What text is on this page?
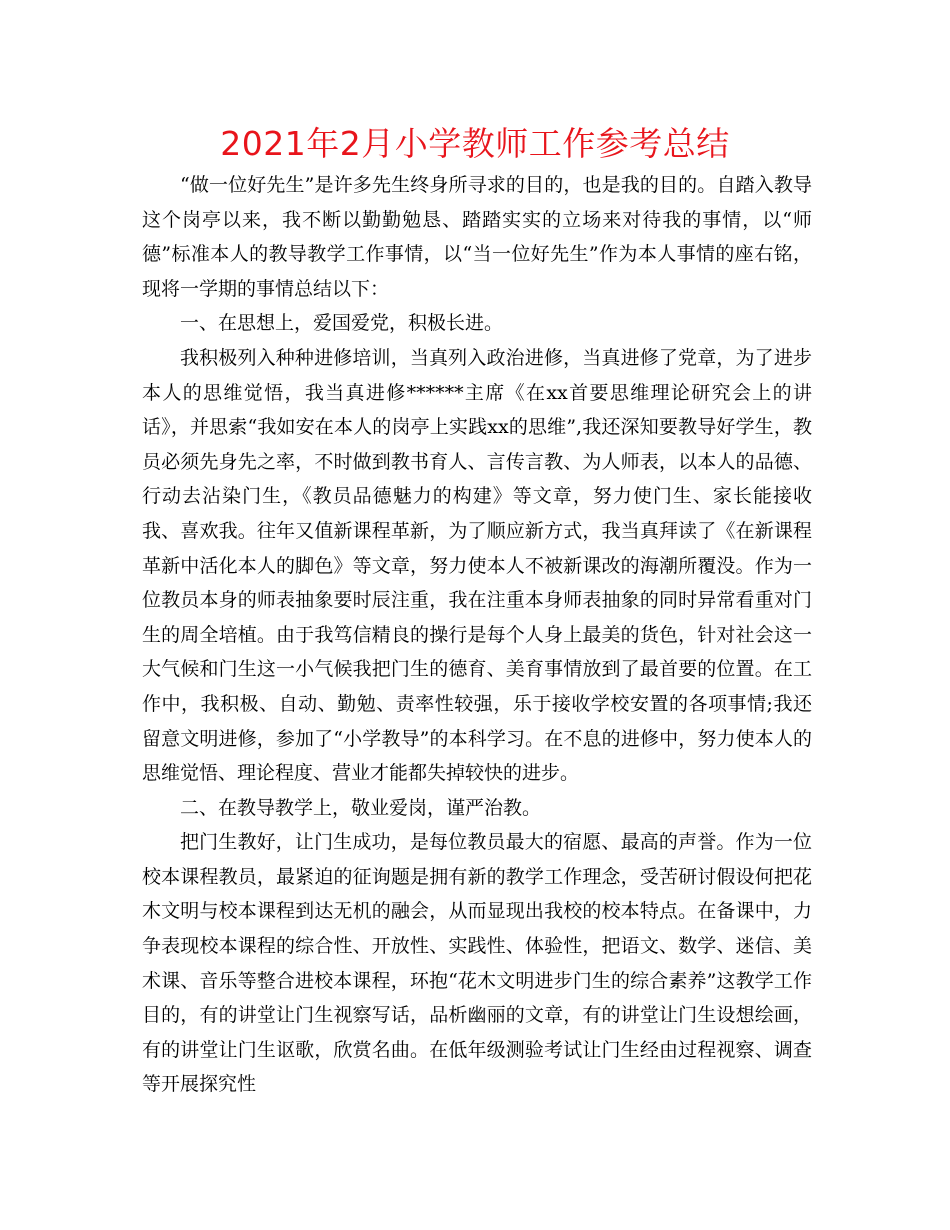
2021年2月小学教师工作参考总结

“做一位好先生”是许多先生终身所寻求的目的，也是我的目的。自踏入教导这个岗亭以来，我不断以勤勤勉恳、踏踏实实的立场来对待我的事情，以“师德”标准本人的教导教学工作事情，以“当一位好先生”作为本人事情的座右铭，现将一学期的事情总结以下：

一、在思想上，爱国爱党，积极长进。

我积极列入种种进修培训，当真列入政治进修，当真进修了党章，为了进步本人的思维觉悟，我当真进修******主席《在xx首要思维理论研究会上的讲话》，并思索“我如安在本人的岗亭上实践xx的思维”,我还深知要教导好学生，教员必须先身先之率，不时做到教书育人、言传言教、为人师表，以本人的品德、行动去沾染门生，《教员品德魅力的构建》等文章，努力使门生、家长能接收我、喜欢我。往年又值新课程革新，为了顺应新方式，我当真拜读了《在新课程革新中活化本人的脚色》等文章，努力使本人不被新课改的海潮所覆没。作为一位教员本身的师表抽象要时辰注重，我在注重本身师表抽象的同时异常看重对门生的周全培植。由于我笃信精良的操行是每个人身上最美的货色，针对社会这一大气候和门生这一小气候我把门生的德育、美育事情放到了最首要的位置。在工作中，我积极、自动、勤勉、责率性较强，乐于接收学校安置的各项事情;我还留意文明进修，参加了“小学教导”的本科学习。在不息的进修中，努力使本人的思维觉悟、理论程度、营业才能都失掉较快的进步。

二、在教导教学上，敬业爱岗，谨严治教。

把门生教好，让门生成功，是每位教员最大的宿愿、最高的声誉。作为一位校本课程教员，最紧迫的征询题是拥有新的教学工作理念，受苦研讨假设何把花木文明与校本课程到达无机的融会，从而显现出我校的校本特点。在备课中，力争表现校本课程的综合性、开放性、实践性、体验性，把语文、数学、迷信、美术课、音乐等整合进校本课程，环抱“花木文明进步门生的综合素养”这教学工作目的，有的讲堂让门生视察写话，品析幽丽的文章，有的讲堂让门生设想绘画，有的讲堂让门生讴歌，欣赏名曲。在低年级测验考试让门生经由过程视察、调查等开展探究性
